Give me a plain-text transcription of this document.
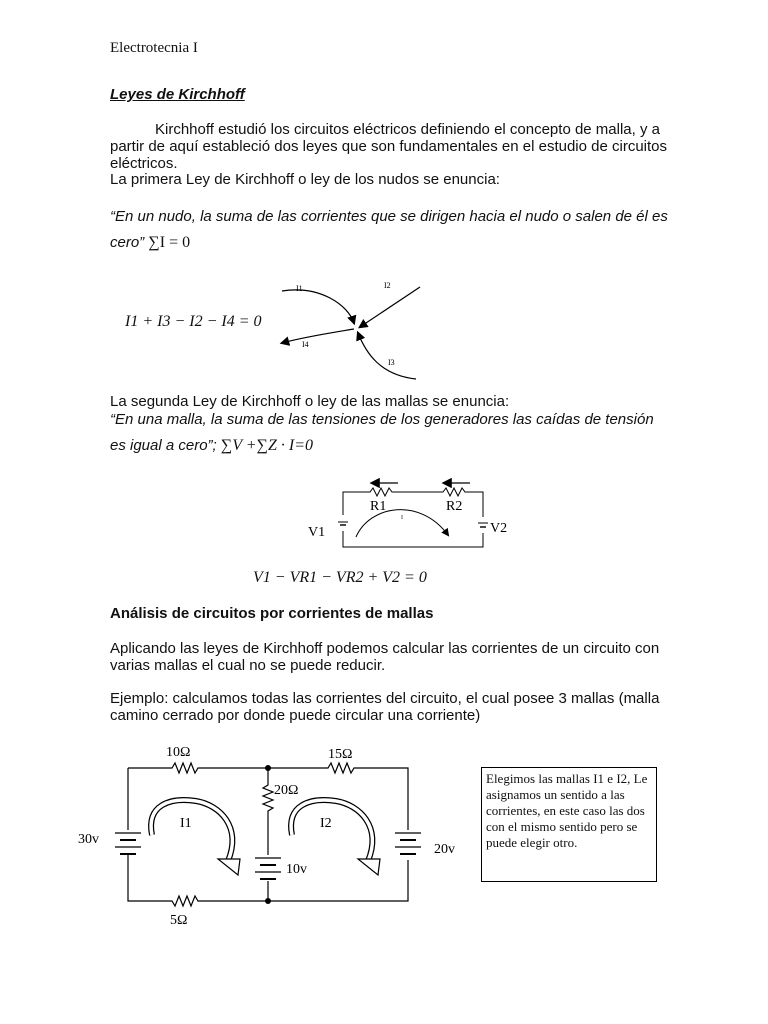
Electrotecnia I
Leyes de Kirchhoff
Kirchhoff estudió los circuitos eléctricos definiendo el concepto de malla, y a partir de aquí estableció dos leyes que son fundamentales en el estudio de circuitos eléctricos.
La primera Ley de Kirchhoff o ley de los nudos se enuncia:
“En un nudo, la suma de las corrientes que se dirigen hacia el nudo o salen de él es cero” ∑I = 0
I1 + I3 − I2 − I4 = 0
I1	I2
I3
I4
La segunda Ley de Kirchhoff o ley de las mallas se enuncia:
“En una malla, la suma de las tensiones de los generadores las caídas de tensión es igual a cero”; ∑V +∑Z · I=0
R1	R2
V1	V2
I
V1 − VR1 − VR2 + V2 = 0
Análisis de circuitos por corrientes de mallas
Aplicando las leyes de Kirchhoff podemos calcular las corrientes de un circuito con varias mallas el cual no se puede reducir.
Ejemplo: calculamos todas las corrientes del circuito, el cual posee 3 mallas (malla camino cerrado por donde puede circular una corriente)
10Ω	15Ω
20Ω
5Ω
30v
10v
20v
I1	I2
Elegimos las mallas I1 e I2, Le asignamos un sentido a las corrientes, en este caso las dos con el mismo sentido pero se puede elegir otro.
